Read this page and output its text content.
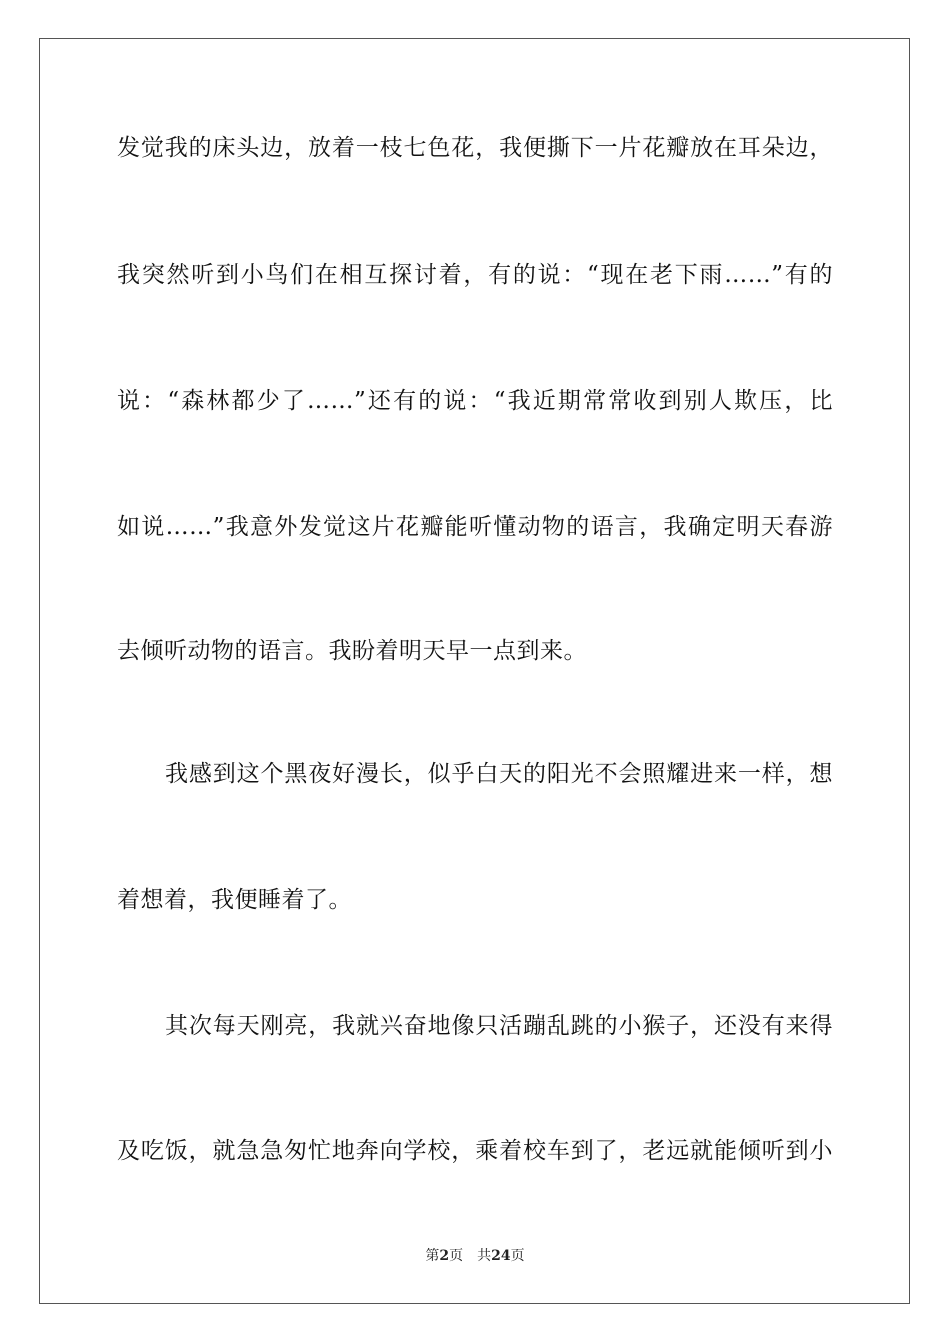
发觉我的床头边，放着一枝七色花，我便撕下一片花瓣放在耳朵边，
我突然听到小鸟们在相互探讨着，有的说：“现在老下雨……”有的
说：“森林都少了……”还有的说：“我近期常常收到别人欺压，比
如说……”我意外发觉这片花瓣能听懂动物的语言，我确定明天春游
去倾听动物的语言。我盼着明天早一点到来。
我感到这个黑夜好漫长，似乎白天的阳光不会照耀进来一样，想
着想着，我便睡着了。
其次每天刚亮，我就兴奋地像只活蹦乱跳的小猴子，还没有来得
及吃饭，就急急匆忙地奔向学校，乘着校车到了，老远就能倾听到小
第2页 共24页
